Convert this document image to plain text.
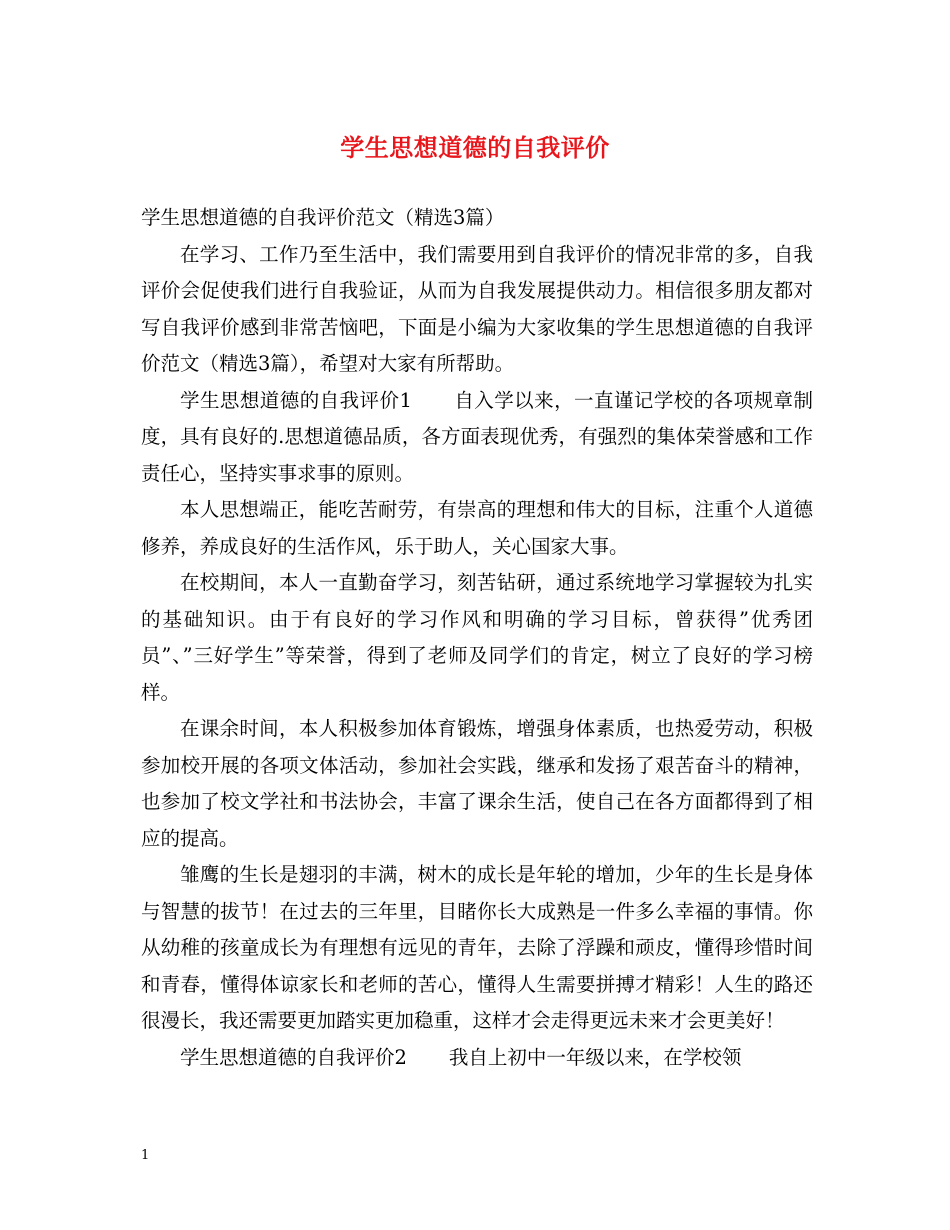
学生思想道德的自我评价

学生思想道德的自我评价范文（精选3篇）

在学习、工作乃至生活中，我们需要用到自我评价的情况非常的多，自我评价会促使我们进行自我验证，从而为自我发展提供动力。相信很多朋友都对写自我评价感到非常苦恼吧，下面是小编为大家收集的学生思想道德的自我评价范文（精选3篇），希望对大家有所帮助。

学生思想道德的自我评价1 自入学以来，一直谨记学校的各项规章制度，具有良好的.思想道德品质，各方面表现优秀，有强烈的集体荣誉感和工作责任心，坚持实事求事的原则。

本人思想端正，能吃苦耐劳，有崇高的理想和伟大的目标，注重个人道德修养，养成良好的生活作风，乐于助人，关心国家大事。

在校期间，本人一直勤奋学习，刻苦钻研，通过系统地学习掌握较为扎实的基础知识。由于有良好的学习作风和明确的学习目标，曾获得”优秀团员”、”三好学生”等荣誉，得到了老师及同学们的肯定，树立了良好的学习榜样。

在课余时间，本人积极参加体育锻炼，增强身体素质，也热爱劳动，积极参加校开展的各项文体活动，参加社会实践，继承和发扬了艰苦奋斗的精神，也参加了校文学社和书法协会，丰富了课余生活，使自己在各方面都得到了相应的提高。

雏鹰的生长是翅羽的丰满，树木的成长是年轮的增加，少年的生长是身体与智慧的拔节！在过去的三年里，目睹你长大成熟是一件多么幸福的事情。你从幼稚的孩童成长为有理想有远见的青年，去除了浮躁和顽皮，懂得珍惜时间和青春，懂得体谅家长和老师的苦心，懂得人生需要拼搏才精彩！人生的路还很漫长，我还需要更加踏实更加稳重，这样才会走得更远未来才会更美好！

学生思想道德的自我评价2 我自上初中一年级以来，在学校领

1
